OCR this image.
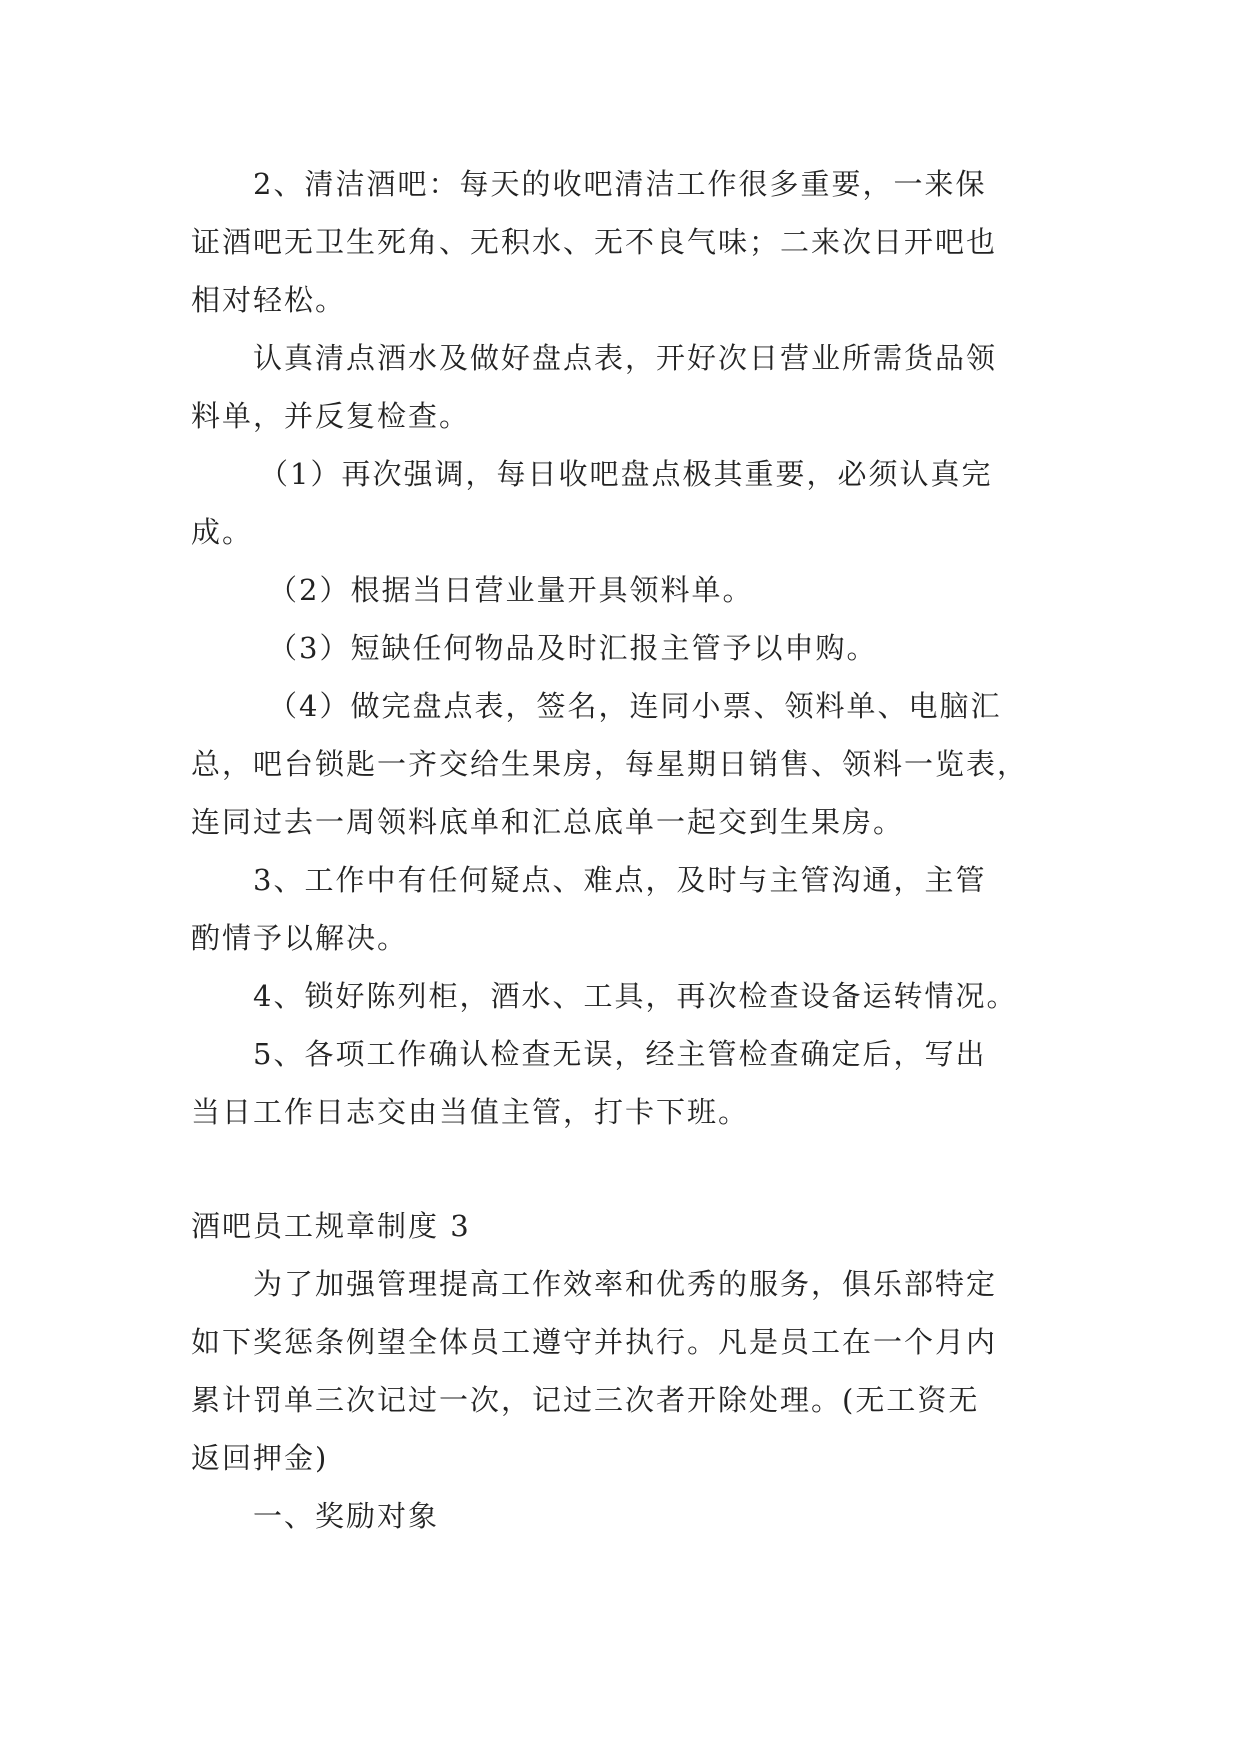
2、清洁酒吧：每天的收吧清洁工作很多重要，一来保
证酒吧无卫生死角、无积水、无不良气味；二来次日开吧也
相对轻松。
认真清点酒水及做好盘点表，开好次日营业所需货品领
料单，并反复检查。
（1）再次强调，每日收吧盘点极其重要，必须认真完
成。
（2）根据当日营业量开具领料单。
（3）短缺任何物品及时汇报主管予以申购。
（4）做完盘点表，签名，连同小票、领料单、电脑汇
总，吧台锁匙一齐交给生果房，每星期日销售、领料一览表，
连同过去一周领料底单和汇总底单一起交到生果房。
3、工作中有任何疑点、难点，及时与主管沟通，主管
酌情予以解决。
4、锁好陈列柜，酒水、工具，再次检查设备运转情况。
5、各项工作确认检查无误，经主管检查确定后，写出
当日工作日志交由当值主管，打卡下班。
酒吧员工规章制度 3
为了加强管理提高工作效率和优秀的服务，俱乐部特定
如下奖惩条例望全体员工遵守并执行。凡是员工在一个月内
累计罚单三次记过一次，记过三次者开除处理。(无工资无
返回押金)
一、奖励对象
